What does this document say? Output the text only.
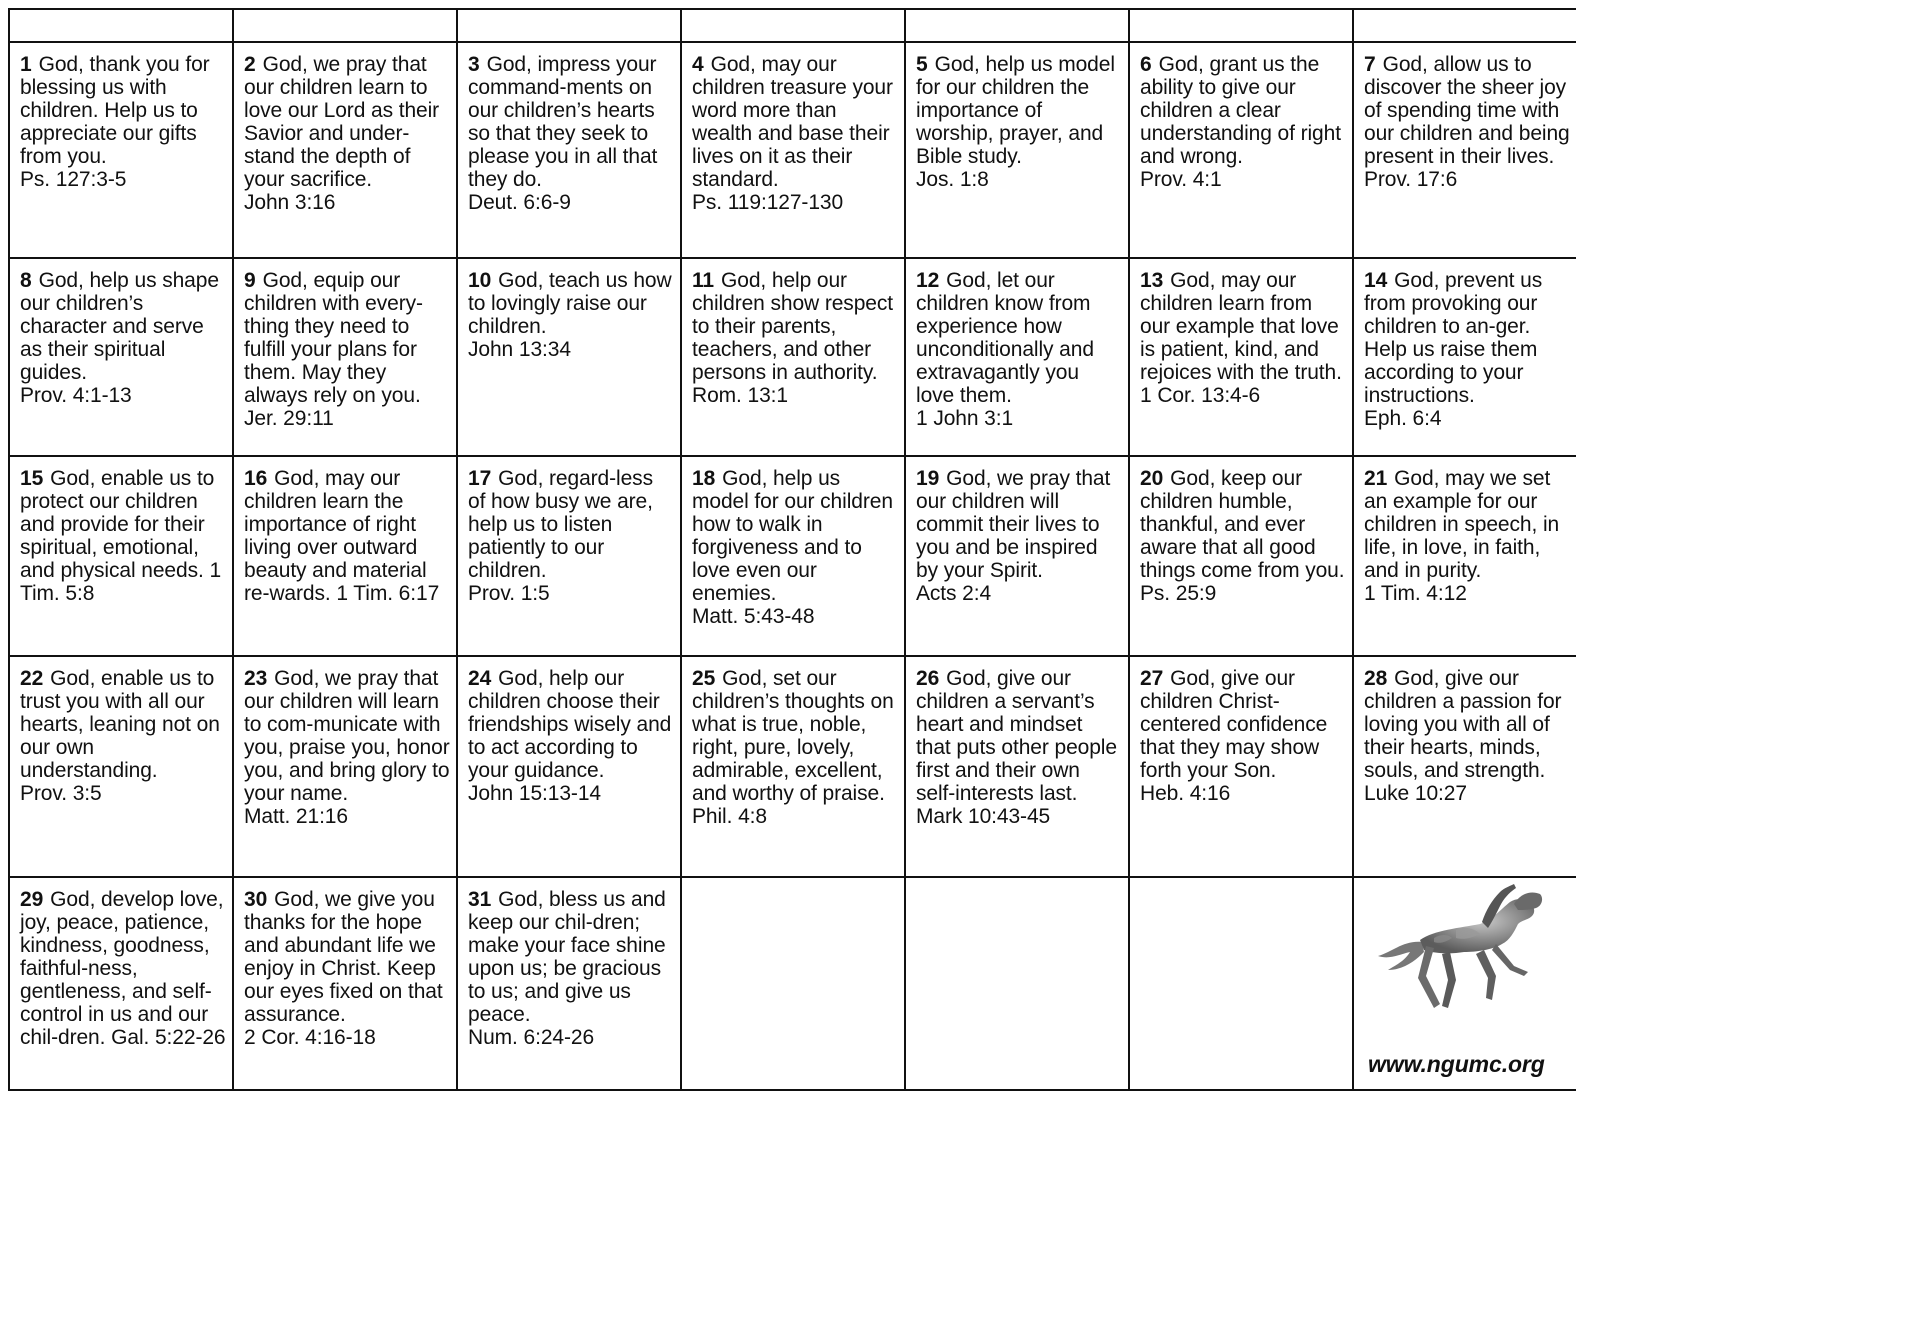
1 God, thank you for blessing us with children. Help us to appreciate our gifts from you.
Ps. 127:3-5
2 God, we pray that our children learn to love our Lord as their Savior and under-stand the depth of your sacrifice.
John 3:16
3 God, impress your command-ments on our children’s hearts so that they seek to please you in all that they do.
Deut. 6:6-9
4 God, may our children treasure your word more than wealth and base their lives on it as their standard.
Ps. 119:127-130
5 God, help us model for our children the importance of worship, prayer, and Bible study.
Jos. 1:8
6 God, grant us the ability to give our children a clear understanding of right and wrong.
Prov. 4:1
7 God, allow us to discover the sheer joy of spending time with our children and being present in their lives.
Prov. 17:6
8 God, help us shape our children’s character and serve as their spiritual guides.
Prov. 4:1-13
9 God, equip our children with every-thing they need to fulfill your plans for them. May they always rely on you.
Jer. 29:11
10 God, teach us how to lovingly raise our children.
John 13:34
11 God, help our children show respect to their parents, teachers, and other persons in authority.
Rom. 13:1
12 God, let our children know from experience how unconditionally and extravagantly you love them.
1 John 3:1
13 God, may our children learn from our example that love is patient, kind, and rejoices with the truth.
1 Cor. 13:4-6
14 God, prevent us from provoking our children to an-ger. Help us raise them according to your instructions.
Eph. 6:4
15 God, enable us to protect our children and provide for their spiritual, emotional, and physical needs. 1 Tim. 5:8
16 God, may our children learn the importance of right living over outward beauty and material re-wards. 1 Tim. 6:17
17 God, regard-less of how busy we are, help us to listen patiently to our children.
Prov. 1:5
18 God, help us model for our children how to walk in forgiveness and to love even our enemies.
Matt. 5:43-48
19 God, we pray that our children will commit their lives to you and be inspired by your Spirit.
Acts 2:4
20 God, keep our children humble, thankful, and ever aware that all good things come from you.
Ps. 25:9
21 God, may we set an example for our children in speech, in life, in love, in faith, and in purity.
1 Tim. 4:12
22 God, enable us to trust you with all our hearts, leaning not on our own understanding.
Prov. 3:5
23 God, we pray that our children will learn to com-municate with you, praise you, honor you, and bring glory to your name.
Matt. 21:16
24 God, help our children choose their friendships wisely and to act according to your guidance.
John 15:13-14
25 God, set our children’s thoughts on what is true, noble, right, pure, lovely, admirable, excellent, and worthy of praise.
Phil. 4:8
26 God, give our children a servant’s heart and mindset that puts other people first and their own self-interests last.
Mark 10:43-45
27 God, give our children Christ-centered confidence that they may show forth your Son.
Heb. 4:16
28 God, give our children a passion for loving you with all of their hearts, minds, souls, and strength.
Luke 10:27
29 God, develop love, joy, peace, patience, kindness, goodness, faithful-ness, gentleness, and self-control in us and our chil-dren. Gal. 5:22-26
30 God, we give you thanks for the hope and abundant life we enjoy in Christ. Keep our eyes fixed on that assurance.
2 Cor. 4:16-18
31 God, bless us and keep our chil-dren; make your face shine upon us; be gracious to us; and give us peace.
Num. 6:24-26
www.ngumc.org
